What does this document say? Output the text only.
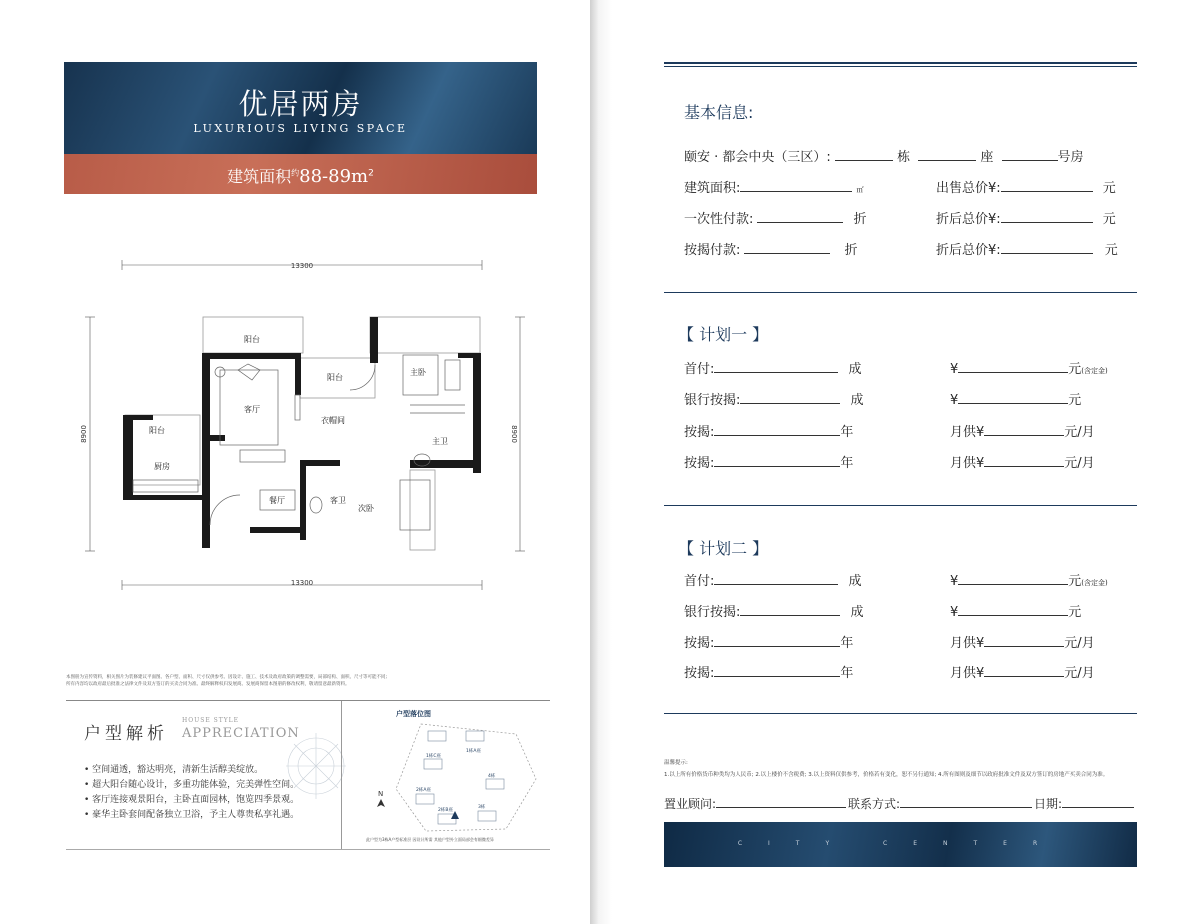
优居两房
LUXURIOUS LIVING SPACE
建筑面积$^约88-89m^2$
阳台
阳台
阳台
客厅
主卧
衣帽间
主卫
厨房
餐厅	客卫
次卧
13300
13300
8900	8900
本图册为宣传资料，相关图片为装修建议平面图。各户型、面积、尺寸仅供参考。因设计、施工、技术及政府政策的调整需要，局部结构、面积、尺寸等可能不同;
所有内容均以政府最后批准之法律文件及双方签订的买卖合同为准。最终解释权归发展商。发展商保留本图册的修改权利，敬请留意最新资料。
户型解析
HOUSE STYLE
APPRECIATION
• 空间通透，豁达明亮，清新生活醇美绽放。
• 超大阳台随心设计，多重功能体验，完美弹性空间。
• 客厅连接观景阳台，主卧直面园林，饱览四季景观。
• 豪华主卧套间配备独立卫浴，予主人尊贵私享礼遇。
户型落位图
1栋A座
1栋C座
2栋A座
2栋B座
4栋
3栋
N
此户型为3栋A户型标准层 因设计所需 其他户型外立面局部会有细微差异
基本信息:
颐安 · 都会中央（三区）:	栋	座	号房
建筑面积:	㎡	出售总价¥:	元
一次性付款:	折	折后总价¥:	元
按揭付款:	折	折后总价¥:	元
【 计划一 】
首付:	成	¥	元(含定金)
银行按揭:	成	¥	元
按揭:	年	月供¥	元/月
按揭:	年	月供¥	元/月
【 计划二 】
首付:	成	¥	元(含定金)
银行按揭:	成	¥	元
按揭:	年	月供¥	元/月
按揭:	年	月供¥	元/月
温馨提示:
1.以上所有价格货币种类均为人民币; 2.以上楼价不含税费; 3.以上资料仅供参考，价格若有变化，恕不另行通知; 4.所有图则及细节以政府批准文件及双方签订的房地产买卖合同为准。
置业顾问:	联系方式:	日期:
CITY CENTER
